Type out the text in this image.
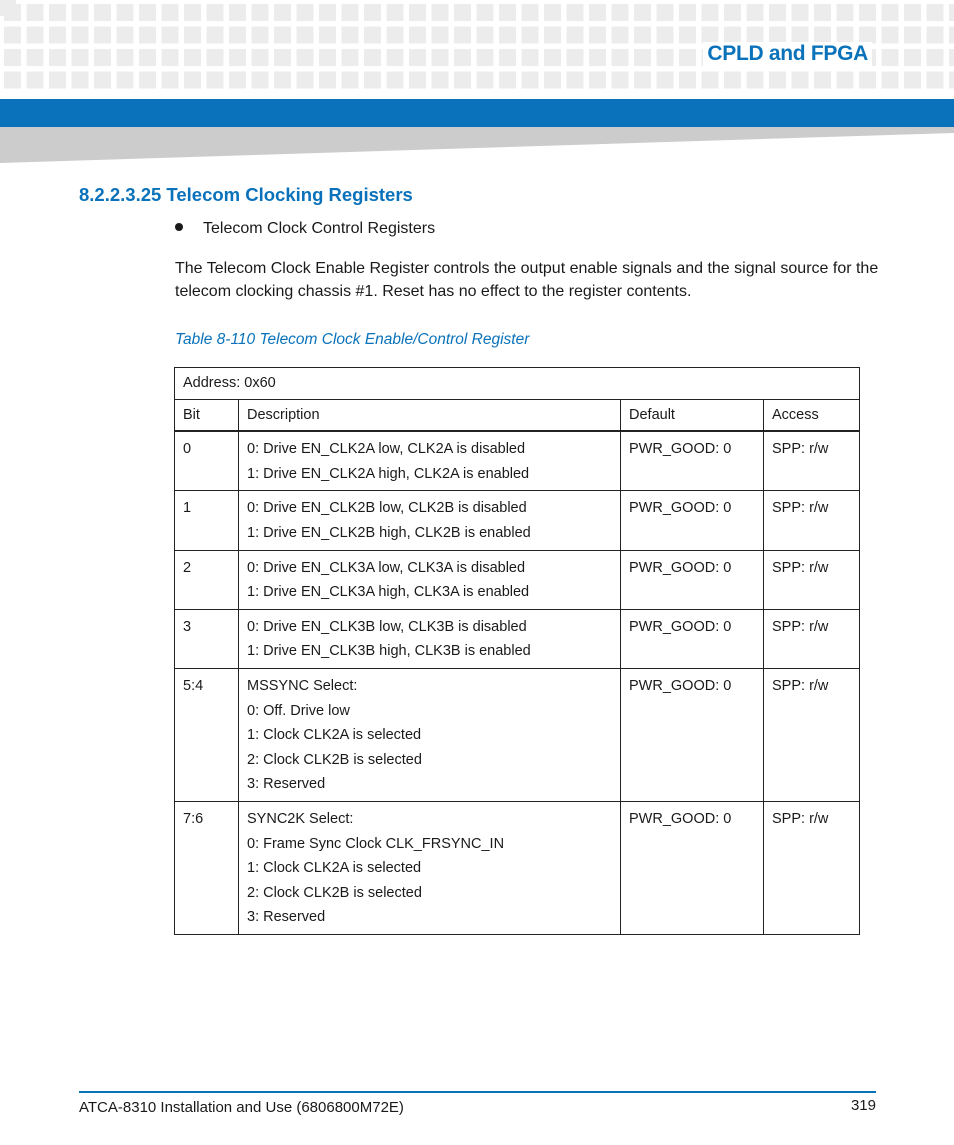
CPLD and FPGA
8.2.2.3.25 Telecom Clocking Registers
Telecom Clock Control Registers
The Telecom Clock Enable Register controls the output enable signals and the signal source for the telecom clocking chassis #1. Reset has no effect to the register contents.
Table 8-110 Telecom Clock Enable/Control Register
Address: 0x60			
Bit	Description	Default	Access
0	0: Drive EN_CLK2A low, CLK2A is disabled
1: Drive EN_CLK2A high, CLK2A is enabled	PWR_GOOD: 0	SPP: r/w
1	0: Drive EN_CLK2B low, CLK2B is disabled
1: Drive EN_CLK2B high, CLK2B is enabled	PWR_GOOD: 0	SPP: r/w
2	0: Drive EN_CLK3A low, CLK3A is disabled
1: Drive EN_CLK3A high, CLK3A is enabled	PWR_GOOD: 0	SPP: r/w
3	0: Drive EN_CLK3B low, CLK3B is disabled
1: Drive EN_CLK3B high, CLK3B is enabled	PWR_GOOD: 0	SPP: r/w
5:4	MSSYNC Select:
0: Off. Drive low
1: Clock CLK2A is selected
2: Clock CLK2B is selected
3: Reserved	PWR_GOOD: 0	SPP: r/w
7:6	SYNC2K Select:
0: Frame Sync Clock CLK_FRSYNC_IN
1: Clock CLK2A is selected
2: Clock CLK2B is selected
3: Reserved	PWR_GOOD: 0	SPP: r/w
ATCA-8310 Installation and Use (6806800M72E)	319
